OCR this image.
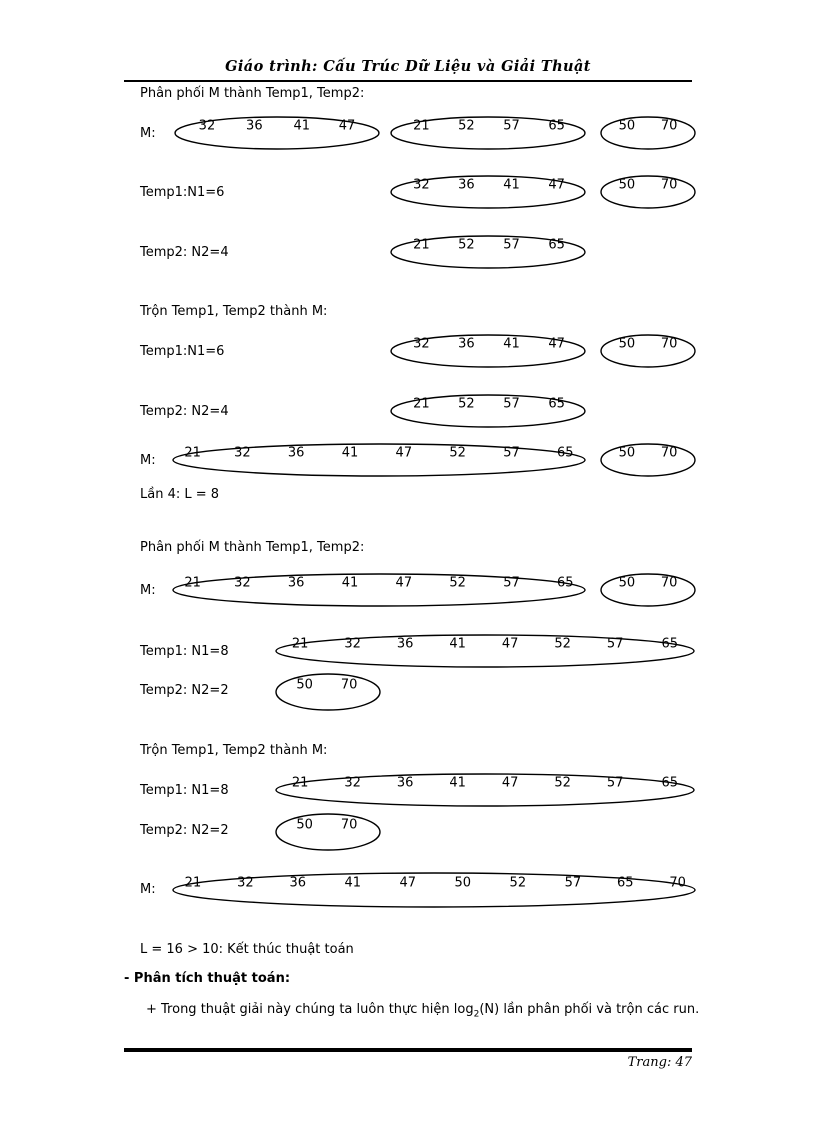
Giáo trình: Cấu Trúc Dữ Liệu và Giải Thuật
Phân phối M thành Temp1, Temp2:
M:
32 36 41 47	21 52 57 65	50 70
Temp1:N1=6
32 36 41 47	50 70
Temp2: N2=4
21 52 57 65
Trộn Temp1, Temp2 thành M:
Temp1:N1=6
32 36 41 47	50 70
Temp2: N2=4
21 52 57 65
M:
21	32	36	41	47	52	57	65	50 70
Lần 4: L = 8
Phân phối M thành Temp1, Temp2:
M:
21	32	36	41	47	52	57	65	50 70
Temp1: N1=8
21	32	36	41	47	52	57	65
Temp2: N2=2	50 70
Trộn Temp1, Temp2 thành M:
Temp1: N1=8
21	32	36	41	47	52	57	65
Temp2: N2=2	50 70
M: 21	32	36	41	47	50	52	57	65	70
L = 16 > 10: Kết thúc thuật toán
- Phân tích thuật toán:
+ Trong thuật giải này chúng ta luôn thực hiện $\log_2(N)$ lần phân phối và trộn các run.
Trang: 47
